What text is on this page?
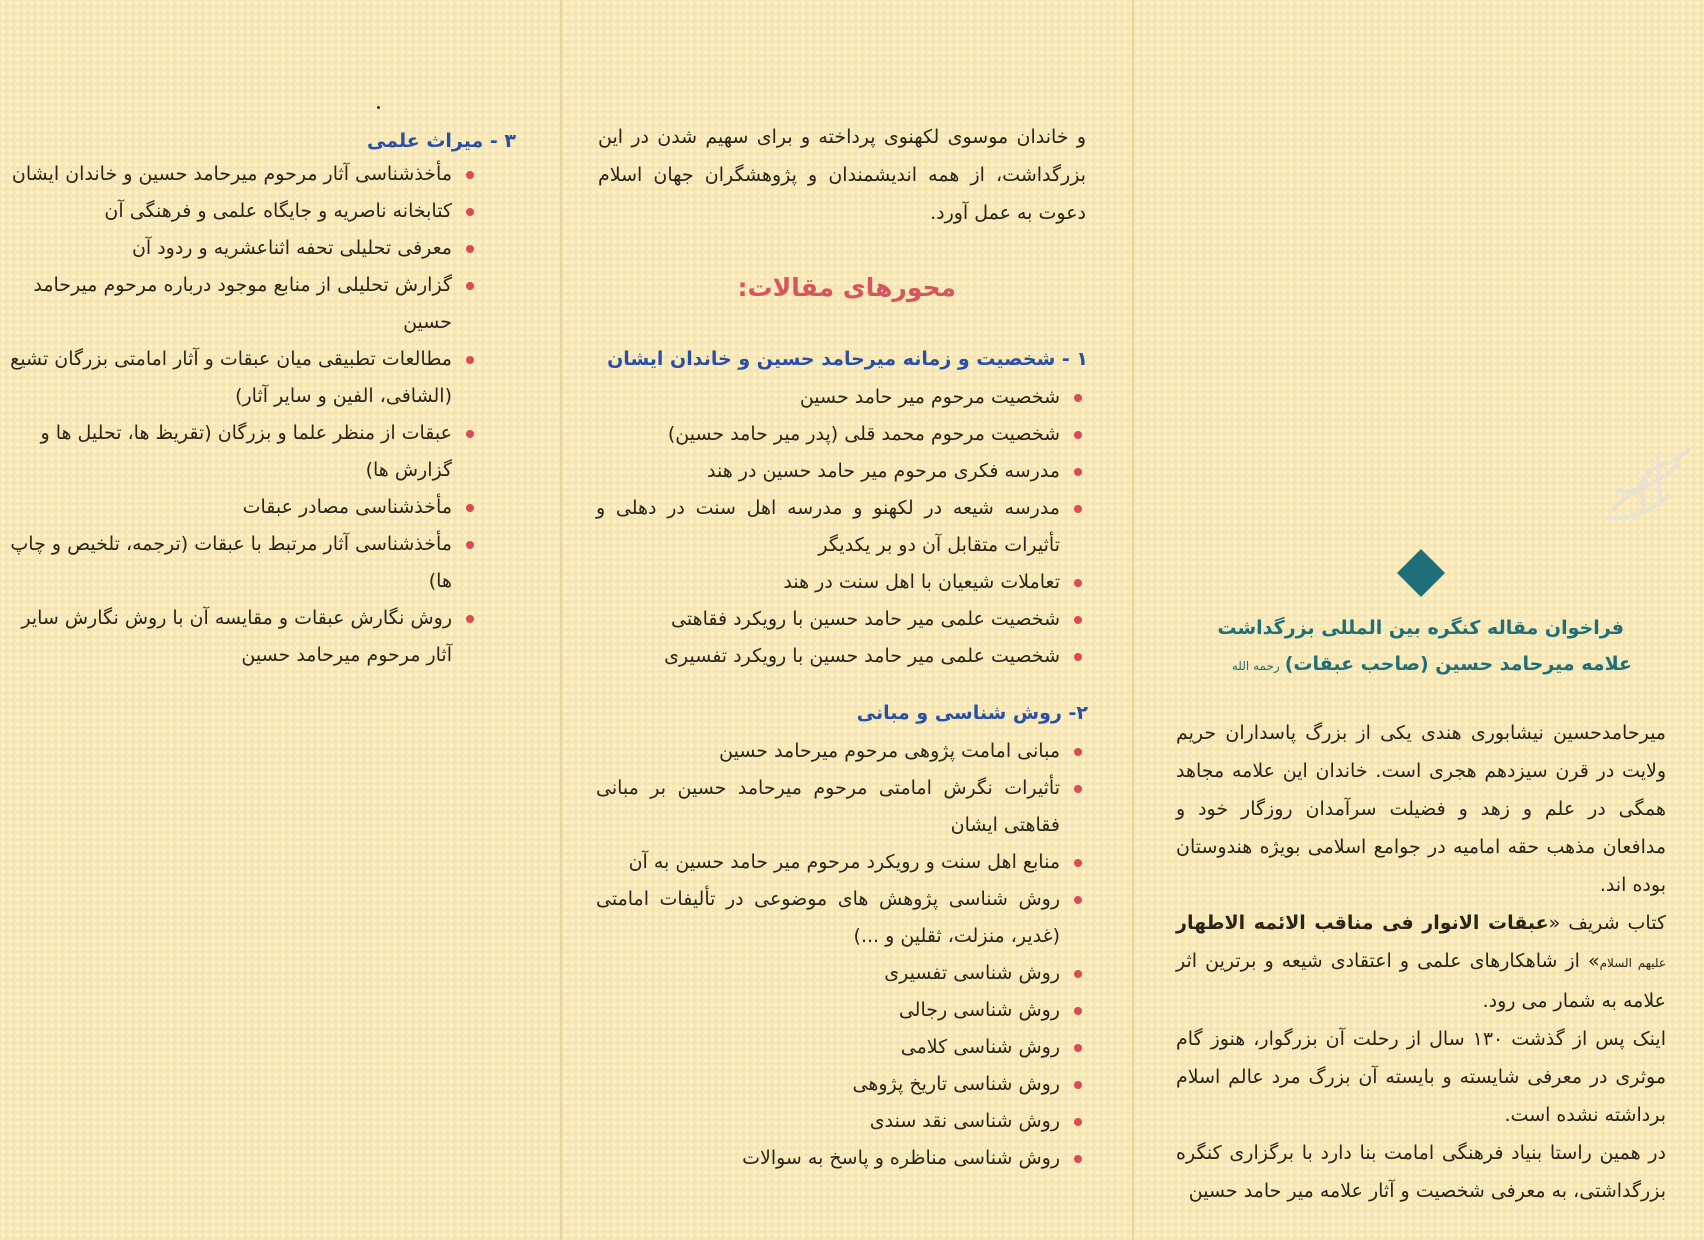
۳ - میراث علمی
مأخذشناسی آثار مرحوم میرحامد حسین و خاندان ایشان
کتابخانه ناصریه و جایگاه علمی و فرهنگی آن
معرفی تحلیلی تحفه اثناعشریه و ردود آن
گزارش تحلیلی از منابع موجود درباره مرحوم میرحامد حسین
مطالعات تطبیقی میان عبقات و آثار امامتی بزرگان تشیع (الشافی، الفین و سایر آثار)
عبقات از منظر علما و بزرگان (تقریظ ها، تحلیل ها و گزارش ها)
مأخذشناسی مصادر عبقات
مأخذشناسی آثار مرتبط با عبقات (ترجمه، تلخیص و چاپ ها)
روش نگارش عبقات و مقایسه آن با روش نگارش سایر آثار مرحوم میرحامد حسین
و خاندان موسوی لکهنوی پرداخته و برای سهیم شدن در این بزرگداشت، از همه اندیشمندان و پژوهشگران جهان اسلام دعوت به عمل آورد.
محورهای مقالات:
۱ - شخصیت و زمانه میرحامد حسین و خاندان ایشان
شخصیت مرحوم میر حامد حسین
شخصیت مرحوم محمد قلی (پدر میر حامد حسین)
مدرسه فکری مرحوم میر حامد حسین در هند
مدرسه شیعه در لکهنو و مدرسه اهل سنت در دهلی و تأثیرات متقابل آن دو بر یکدیگر
تعاملات شیعیان با اهل سنت در هند
شخصیت علمی میر حامد حسین با رویکرد فقاهتی
شخصیت علمی میر حامد حسین با رویکرد تفسیری
۲- روش شناسی و مبانی
مبانی امامت پژوهی مرحوم میرحامد حسین
تأثیرات نگرش امامتی مرحوم میرحامد حسین بر مبانی فقاهتی ایشان
منابع اهل سنت و رویکرد مرحوم میر حامد حسین به آن
روش شناسی پژوهش های موضوعی در تألیفات امامتی (غدیر، منزلت، ثقلین و ...)
روش شناسی تفسیری
روش شناسی رجالی
روش شناسی کلامی
روش شناسی تاریخ پژوهی
روش شناسی نقد سندی
روش شناسی مناظره و پاسخ به سوالات
فراخوان مقاله کنگره بین المللی بزرگداشت
علامه میرحامد حسین (صاحب عبقات) رحمه الله
میرحامدحسین نیشابوری هندی یکی از بزرگ پاسداران حریم ولایت در قرن سیزدهم هجری است. خاندان این علامه مجاهد همگی در علم و زهد و فضیلت سرآمدان روزگار خود و مدافعان مذهب حقه امامیه در جوامع اسلامی بویژه هندوستان بوده اند.
کتاب شریف «عبقات الانوار فی مناقب الائمه الاطهار علیهم السلام» از شاهکارهای علمی و اعتقادی شیعه و برترین اثر علامه به شمار می رود.
اینک پس از گذشت ۱۳۰ سال از رحلت آن بزرگوار، هنوز گام موثری در معرفی شایسته و بایسته آن بزرگ مرد عالم اسلام برداشته نشده است.
در همین راستا بنیاد فرهنگی امامت بنا دارد با برگزاری کنگره بزرگداشتی، به معرفی شخصیت و آثار علامه میر حامد حسین
